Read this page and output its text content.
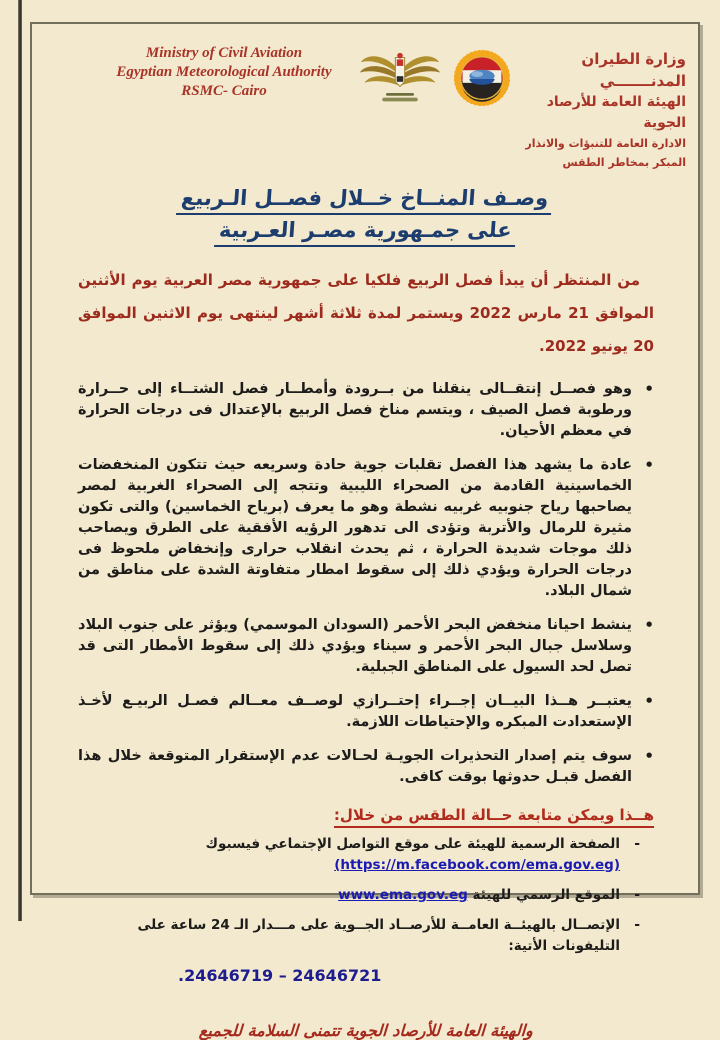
Ministry of Civil Aviation
Egyptian Meteorological Authority
RSMC- Cairo
وزارة الطيران المدنـــــــي
الهيئة العامة للأرصاد الجوية
الادارة العامة للتنبؤات والانذار المبكر بمخاطر الطقس
وصـف المنــاخ خــلال فصــل الـربيع
على جمـهورية مصـر العـربية

من المنتظر أن يبدأ فصل الربيع فلكيا على جمهورية مصر العربية يوم الأثنين الموافق 21 مارس 2022 ويستمر لمدة ثلاثة أشهر لينتهى يوم الاثنين الموافق 20 يونيو 2022.

•
وهو فصــل إنتقــالى ينقلنا من بــرودة وأمطــار فصل الشتــاء إلى حــرارة ورطوبة فصل الصيف ، ويتسم مناخ فصل الربيع بالإعتدال فى درجات الحرارة في معظم الأحيان.
•
عادة ما يشهد هذا الفصل تقلبات جوية حادة وسريعه حيث تتكون المنخفضات الخماسينية القادمة من الصحراء الليبية وتتجه إلى الصحراء الغربية لمصر يصاحبها رياح جنوبيه غربيه نشطة وهو ما يعرف (برياح الخماسين) والتى تكون مثيرة للرمال والأتربة وتؤدى الى تدهور الرؤيه الأفقية على الطرق ويصاحب ذلك موجات شديدة الحرارة ، ثم يحدث انقلاب حرارى وإنخفاض ملحوظ فى درجات الحرارة ويؤدي ذلك إلى سقوط امطار متفاوتة الشدة على مناطق من شمال البلاد.
•
ينشط احيانا منخفض البحر الأحمر (السودان الموسمي) ويؤثر على جنوب البلاد وسلاسل جبال البحر الأحمر و سيناء ويؤدي ذلك إلى سقوط الأمطار التى قد تصل لحد السيول على المناطق الجبلية.
•
يعتبــر هــذا البيــان إجــراء إحتــرازي لوصــف معــالم فصـل الربيـع لأخـذ الإستعدادت المبكره والإحتياطات اللازمة.
•
سوف يتم إصدار التحذيرات الجويـة لحـالات عدم الإستقرار المتوقعة خلال هذا الفصل قبـل حدوثها بوقت كافى.
هــذا ويمكن متابعة حــالة الطقس من خلال:
-
الصفحة الرسمية للهيئة على موقع التواصل الإجتماعي فيسبوك (https://m.facebook.com/ema.gov.eg)
-
الموقع الرسمي للهيئة www.ema.gov.eg
-
الإتصــال بالهيئــة العامــة للأرصــاد الجــوية على مـــدار الـ 24 ساعة على التليفونات الأتية:
.24646719 – 24646721
والهيئة العامة للأرصاد الجوية تتمنى السلامة للجميع
